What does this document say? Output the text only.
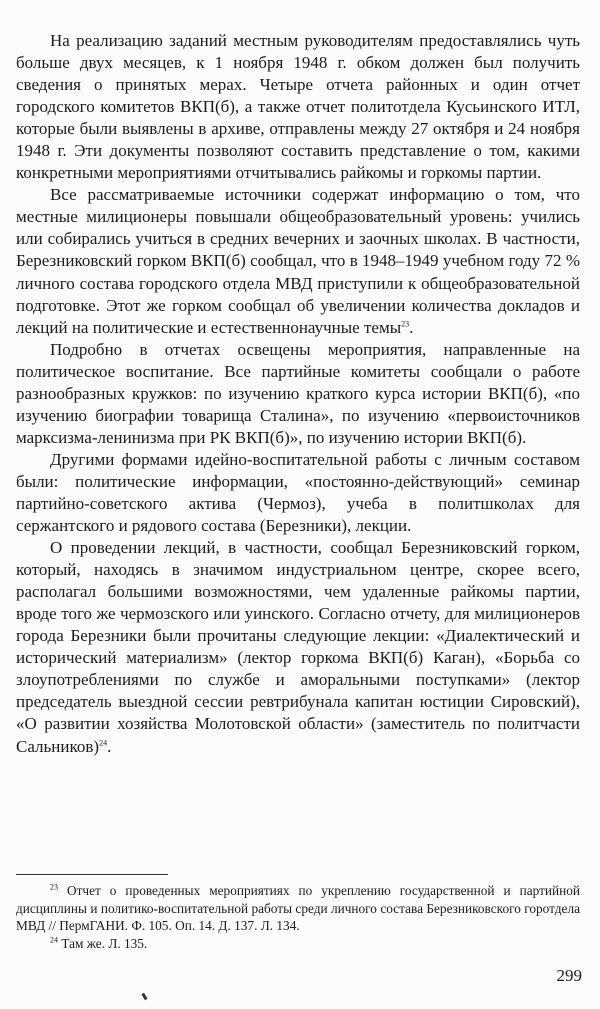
На реализацию заданий местным руководителям предоставлялись чуть больше двух месяцев, к 1 ноября 1948 г. обком должен был получить сведения о принятых мерах. Четыре отчета районных и один отчет городского комитетов ВКП(б), а также отчет политотдела Кусьинского ИТЛ, которые были выявлены в архиве, отправлены между 27 октября и 24 ноября 1948 г. Эти документы позволяют составить представление о том, какими конкретными мероприятиями отчитывались райкомы и горкомы партии.

Все рассматриваемые источники содержат информацию о том, что местные милиционеры повышали общеобразовательный уровень: учились или собирались учиться в средних вечерних и заочных школах. В частности, Березниковский горком ВКП(б) сообщал, что в 1948–1949 учебном году 72 % личного состава городского отдела МВД приступили к общеобразовательной подготовке. Этот же горком сообщал об увеличении количества докладов и лекций на политические и естественнонаучные темы$^{23}$.

Подробно в отчетах освещены мероприятия, направленные на политическое воспитание. Все партийные комитеты сообщали о работе разнообразных кружков: по изучению краткого курса истории ВКП(б), «по изучению биографии товарища Сталина», по изучению «первоисточников марксизма-ленинизма при РК ВКП(б)», по изучению истории ВКП(б).

Другими формами идейно-воспитательной работы с личным составом были: политические информации, «постоянно-действующий» семинар партийно-советского актива (Чермоз), учеба в политшколах для сержантского и рядового состава (Березники), лекции.

О проведении лекций, в частности, сообщал Березниковский горком, который, находясь в значимом индустриальном центре, скорее всего, располагал большими возможностями, чем удаленные райкомы партии, вроде того же чермозского или уинского. Согласно отчету, для милиционеров города Березники были прочитаны следующие лекции: «Диалектический и исторический материализм» (лектор горкома ВКП(б) Каган), «Борьба со злоупотреблениями по службе и аморальными поступками» (лектор председатель выездной сессии ревтрибунала капитан юстиции Сировский), «О развитии хозяйства Молотовской области» (заместитель по политчасти Сальников)$^{24}$.

$^{23}$ Отчет о проведенных мероприятиях по укреплению государственной и партийной дисциплины и политико-воспитательной работы среди личного состава Березниковского горотдела МВД // ПермГАНИ. Ф. 105. Оп. 14. Д. 137. Л. 134.

$^{24}$ Там же. Л. 135.

299
